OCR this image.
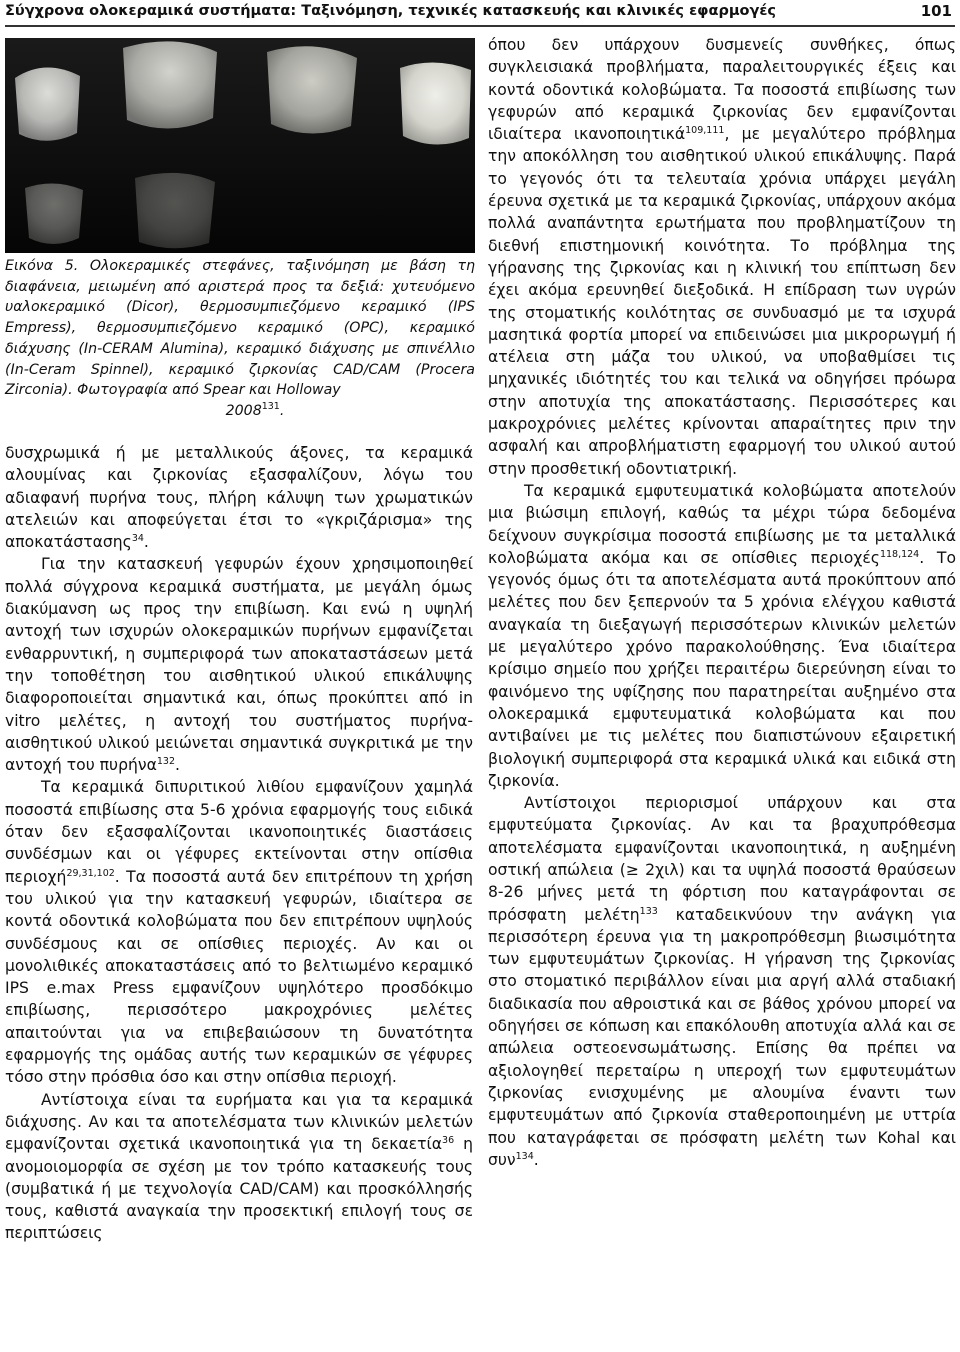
Σύγχρονα ολοκεραμικά συστήματα: Ταξινόμηση, τεχνικές κατασκευής και κλινικές εφαρμογές	101
Εικόνα 5. Ολοκεραμικές στεφάνες, ταξινόμηση με βάση τη διαφάνεια, μειωμένη από αριστερά προς τα δεξιά: χυτευόμενο υαλοκεραμικό (Dicor), θερμοσυμπιεζόμενο κεραμικό (IPS Empress), θερμοσυμπιεζόμενο κεραμικό (OPC), κεραμικό διάχυσης (In-CERAM Alumina), κεραμικό διάχυσης με σπινέλλιο (In-Ceram Spinnel), κεραμικό ζιρκονίας CAD/CAM (Procera Zirconia). Φωτογραφία από Spear και Holloway
2008$^{131}$.

δυσχρωμικά ή με μεταλλικούς άξονες, τα κεραμικά αλουμίνας και ζιρκονίας εξασφαλίζουν, λόγω του αδιαφανή πυρήνα τους, πλήρη κάλυψη των χρωματικών ατελειών και αποφεύγεται έτσι το «γκριζάρισμα» της αποκατάστασης$^{34}$.

Για την κατασκευή γεφυρών έχουν χρησιμοποιηθεί πολλά σύγχρονα κεραμικά συστήματα, με μεγάλη όμως διακύμανση ως προς την επιβίωση. Και ενώ η υψηλή αντοχή των ισχυρών ολοκεραμικών πυρήνων εμφανίζεται ενθαρρυντική, η συμπεριφορά των αποκαταστάσεων μετά την τοποθέτηση του αισθητικού υλικού επικάλυψης διαφοροποιείται σημαντικά και, όπως προκύπτει από in vitro μελέτες, η αντοχή του συστήματος πυρήνα-αισθητικού υλικού μειώνεται σημαντικά συγκριτικά με την αντοχή του πυρήνα$^{132}$.

Τα κεραμικά διπυριτικού λιθίου εμφανίζουν χαμηλά ποσοστά επιβίωσης στα 5-6 χρόνια εφαρμογής τους ειδικά όταν δεν εξασφαλίζονται ικανοποιητικές διαστάσεις συνδέσμων και οι γέφυρες εκτείνονται στην οπίσθια περιοχή$^{29,31,102}$. Τα ποσοστά αυτά δεν επιτρέπουν τη χρήση του υλικού για την κατασκευή γεφυρών, ιδιαίτερα σε κοντά οδοντικά κολοβώματα που δεν επιτρέπουν υψηλούς συνδέσμους και σε οπίσθιες περιοχές. Αν και οι μονολιθικές αποκαταστάσεις από το βελτιωμένο κεραμικό IPS e.max Press εμφανίζουν υψηλότερο προσδόκιμο επιβίωσης, περισσότερο μακροχρόνιες μελέτες απαιτούνται για να επιβεβαιώσουν τη δυνατότητα εφαρμογής της ομάδας αυτής των κεραμικών σε γέφυρες τόσο στην πρόσθια όσο και στην οπίσθια περιοχή.

Αντίστοιχα είναι τα ευρήματα και για τα κεραμικά διάχυσης. Αν και τα αποτελέσματα των κλινικών μελετών εμφανίζονται σχετικά ικανοποιητικά για τη δεκαετία$^{36}$ η ανομοιομορφία σε σχέση με τον τρόπο κατασκευής τους (συμβατικά ή με τεχνολογία CAD/CAM) και προσκόλλησής τους, καθιστά αναγκαία την προσεκτική επιλογή τους σε περιπτώσεις

όπου δεν υπάρχουν δυσμενείς συνθήκες, όπως συγκλεισιακά προβλήματα, παραλειτουργικές έξεις και κοντά οδοντικά κολοβώματα. Τα ποσοστά επιβίωσης των γεφυρών από κεραμικά ζιρκονίας δεν εμφανίζονται ιδιαίτερα ικανοποιητικά$^{109,111}$, με μεγαλύτερο πρόβλημα την αποκόλληση του αισθητικού υλικού επικάλυψης. Παρά το γεγονός ότι τα τελευταία χρόνια υπάρχει μεγάλη έρευνα σχετικά με τα κεραμικά ζιρκονίας, υπάρχουν ακόμα πολλά αναπάντητα ερωτήματα που προβληματίζουν τη διεθνή επιστημονική κοινότητα. Το πρόβλημα της γήρανσης της ζιρκονίας και η κλινική του επίπτωση δεν έχει ακόμα ερευνηθεί διεξοδικά. Η επίδραση των υγρών της στοματικής κοιλότητας σε συνδυασμό με τα ισχυρά μασητικά φορτία μπορεί να επιδεινώσει μια μικρορωγμή ή ατέλεια στη μάζα του υλικού, να υποβαθμίσει τις μηχανικές ιδιότητές του και τελικά να οδηγήσει πρόωρα στην αποτυχία της αποκατάστασης. Περισσότερες και μακροχρόνιες μελέτες κρίνονται απαραίτητες πριν την ασφαλή και απροβλήματιστη εφαρμογή του υλικού αυτού στην προσθετική οδοντιατρική.

Τα κεραμικά εμφυτευματικά κολοβώματα αποτελούν μια βιώσιμη επιλογή, καθώς τα μέχρι τώρα δεδομένα δείχνουν συγκρίσιμα ποσοστά επιβίωσης με τα μεταλλικά κολοβώματα ακόμα και σε οπίσθιες περιοχές$^{118,124}$. Το γεγονός όμως ότι τα αποτελέσματα αυτά προκύπτουν από μελέτες που δεν ξεπερνούν τα 5 χρόνια ελέγχου καθιστά αναγκαία τη διεξαγωγή περισσότερων κλινικών μελετών με μεγαλύτερο χρόνο παρακολούθησης. Ένα ιδιαίτερα κρίσιμο σημείο που χρήζει περαιτέρω διερεύνηση είναι το φαινόμενο της υφίζησης που παρατηρείται αυξημένο στα ολοκεραμικά εμφυτευματικά κολοβώματα και που αντιβαίνει με τις μελέτες που διαπιστώνουν εξαιρετική βιολογική συμπεριφορά στα κεραμικά υλικά και ειδικά στη ζιρκονία.

Αντίστοιχοι περιορισμοί υπάρχουν και στα εμφυτεύματα ζιρκονίας. Αν και τα βραχυπρόθεσμα αποτελέσματα εμφανίζονται ικανοποιητικά, η αυξημένη οστική απώλεια (≥ 2χιλ) και τα υψηλά ποσοστά θραύσεων 8-26 μήνες μετά τη φόρτιση που καταγράφονται σε πρόσφατη μελέτη$^{133}$ καταδεικνύουν την ανάγκη για περισσότερη έρευνα για τη μακροπρόθεσμη βιωσιμότητα των εμφυτευμάτων ζιρκονίας. Η γήρανση της ζιρκονίας στο στοματικό περιβάλλον είναι μια αργή αλλά σταδιακή διαδικασία που αθροιστικά και σε βάθος χρόνου μπορεί να οδηγήσει σε κόπωση και επακόλουθη αποτυχία αλλά και σε απώλεια οστεοενσωμάτωσης. Επίσης θα πρέπει να αξιολογηθεί περεταίρω η υπεροχή των εμφυτευμάτων ζιρκονίας ενισχυμένης με αλουμίνα έναντι των εμφυτευμάτων από ζιρκονία σταθεροποιημένη με υττρία που καταγράφεται σε πρόσφατη μελέτη των Kohal και συν$^{134}$.
